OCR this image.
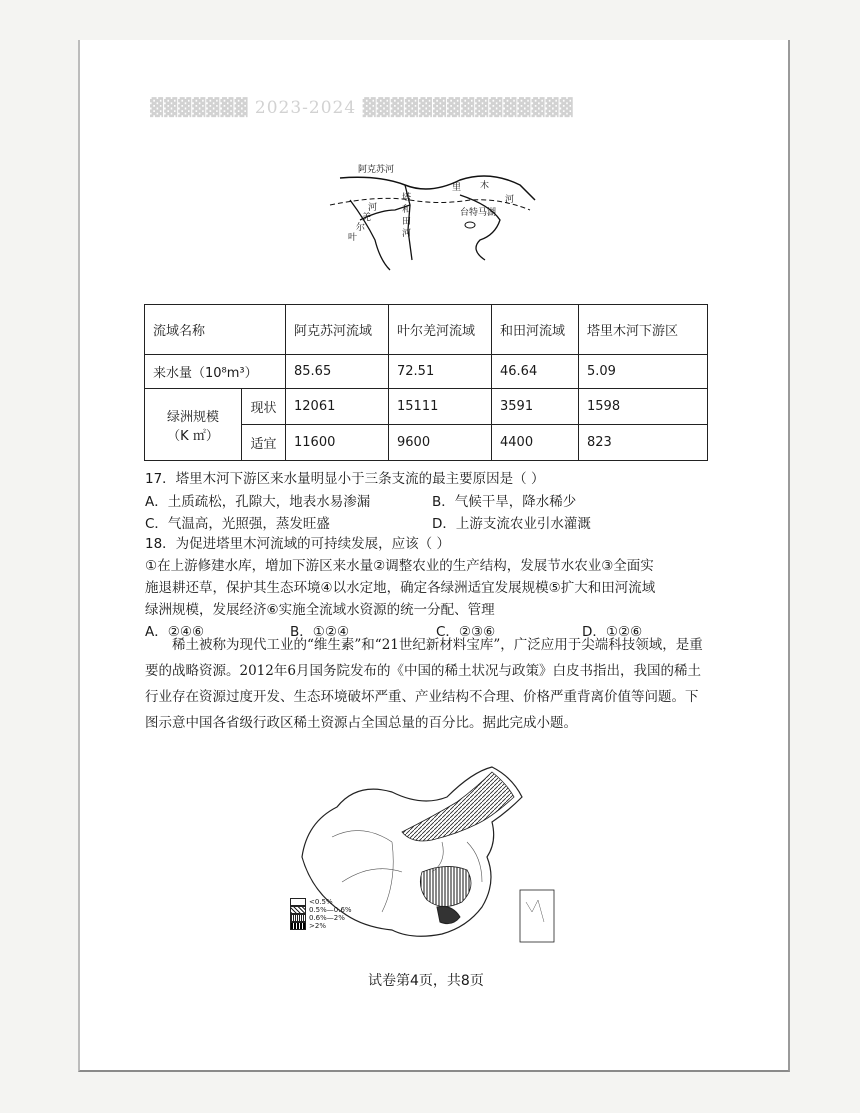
▓▓▓▓▓▓▓ 2023-2024 ▓▓▓▓▓▓▓▓▓▓▓▓▓▓▓
阿克苏河
里 木
河
塔
和
田
河
台特马湖
叶
尔
羌
河
流域名称		阿克苏河流域	叶尔羌河流域	和田河流域	塔里木河下游区
来水量（10⁸m³）		85.65	72.51	46.64	5.09

绿洲规模
（K ㎡）	现状	12061	15111	3591	1598
	适宜	11600	9600	4400	823
17．塔里木河下游区来水量明显小于三条支流的最主要原因是（ ）
A．土质疏松，孔隙大，地表水易渗漏	B．气候干旱，降水稀少
C．气温高，光照强，蒸发旺盛	D．上游支流农业引水灌溉
18．为促进塔里木河流域的可持续发展，应该（ ）
①在上游修建水库，增加下游区来水量②调整农业的生产结构，发展节水农业③全面实
施退耕还草，保护其生态环境④以水定地，确定各绿洲适宜发展规模⑤扩大和田河流域
绿洲规模，发展经济⑥实施全流域水资源的统一分配、管理
A．②④⑥	B．①②④	C．②③⑥	D．①②⑥
稀土被称为现代工业的“维生素”和“21世纪新材料宝库”，广泛应用于尖端科技领域，是重要的战略资源。2012年6月国务院发布的《中国的稀土状况与政策》白皮书指出，我国的稀土行业存在资源过度开发、生态环境破坏严重、产业结构不合理、价格严重背离价值等问题。下图示意中国各省级行政区稀土资源占全国总量的百分比。据此完成小题。
<0.5%
0.5%—0.6%
0.6%—2%
>2%
试卷第4页，共8页
